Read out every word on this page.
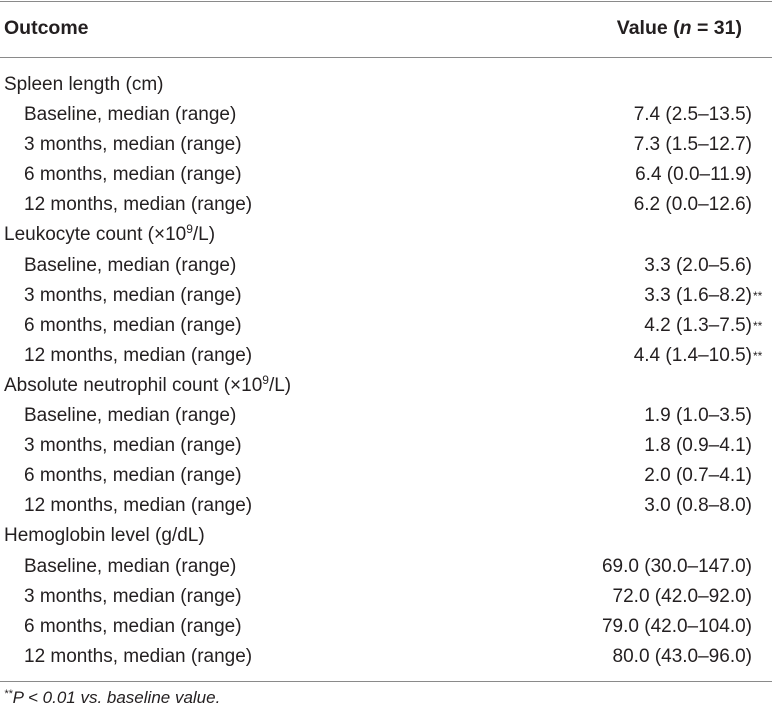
Outcome	Value (n = 31)
Spleen length (cm)
Baseline, median (range)	7.4 (2.5–13.5)
3 months, median (range)	7.3 (1.5–12.7)
6 months, median (range)	6.4 (0.0–11.9)
12 months, median (range)	6.2 (0.0–12.6)
Leukocyte count $(\times 10^9/L)$
Baseline, median (range)	3.3 (2.0–5.6)
3 months, median (range)	3.3 (1.6–8.2) **
6 months, median (range)	4.2 (1.3–7.5) **
12 months, median (range)	4.4 (1.4–10.5) **
Absolute neutrophil count $(\times 10^9/L)$
Baseline, median (range)	1.9 (1.0–3.5)
3 months, median (range)	1.8 (0.9–4.1)
6 months, median (range)	2.0 (0.7–4.1)
12 months, median (range)	3.0 (0.8–8.0)
Hemoglobin level (g/dL)
Baseline, median (range)	69.0 (30.0–147.0)
3 months, median (range)	72.0 (42.0–92.0)
6 months, median (range)	79.0 (42.0–104.0)
12 months, median (range)	80.0 (43.0–96.0)
**P < 0.01 vs. baseline value.
